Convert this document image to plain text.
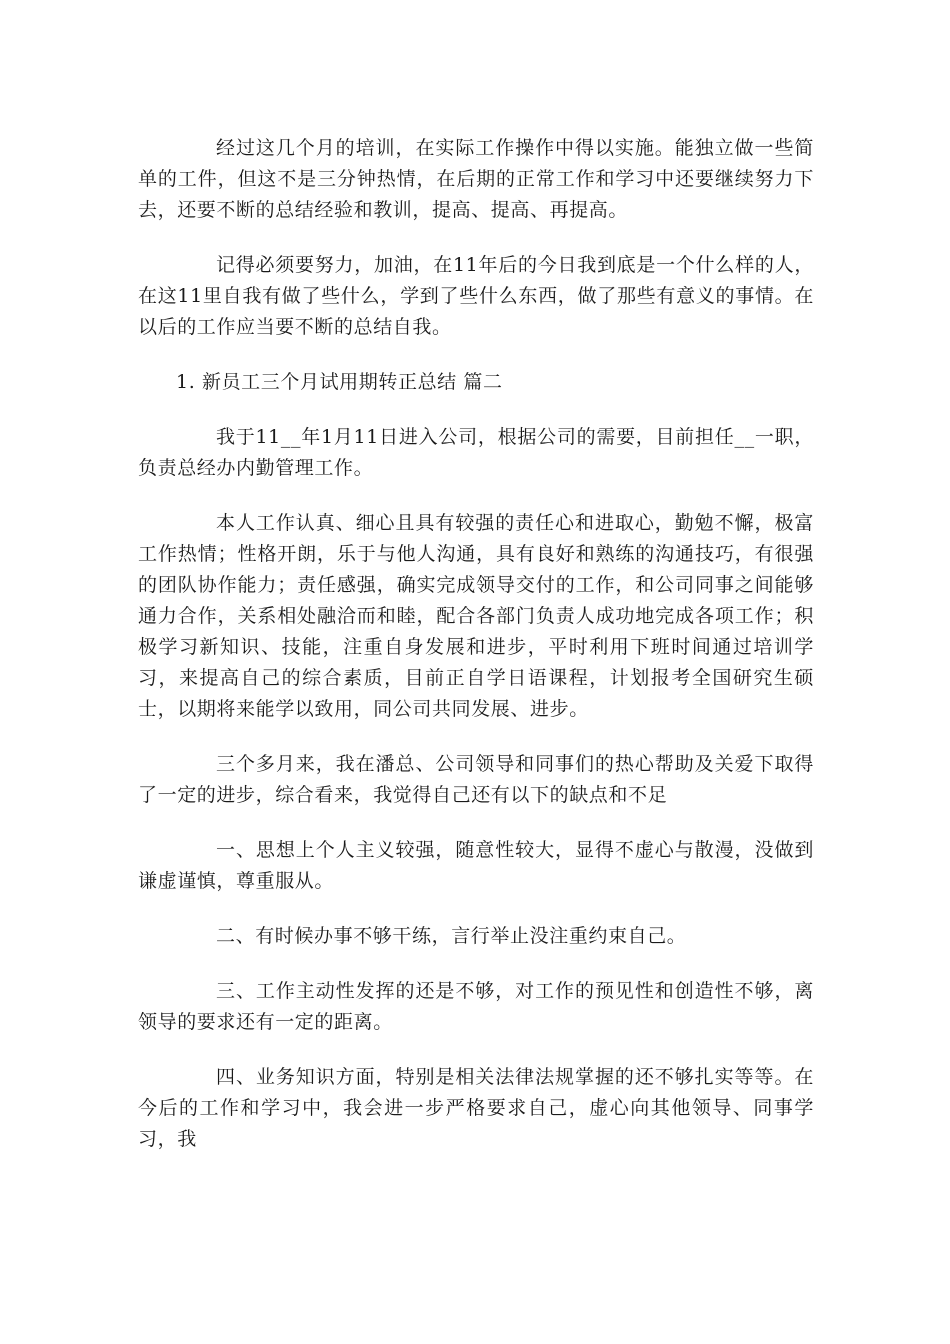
经过这几个月的培训，在实际工作操作中得以实施。能独立做一些简单的工件，但这不是三分钟热情，在后期的正常工作和学习中还要继续努力下去，还要不断的总结经验和教训，提高、提高、再提高。

记得必须要努力，加油，在11年后的今日我到底是一个什么样的人，在这11里自我有做了些什么，学到了些什么东西，做了那些有意义的事情。在以后的工作应当要不断的总结自我。

1. 新员工三个月试用期转正总结 篇二

我于11__年1月11日进入公司，根据公司的需要，目前担任__一职，负责总经办内勤管理工作。

本人工作认真、细心且具有较强的责任心和进取心，勤勉不懈，极富工作热情；性格开朗，乐于与他人沟通，具有良好和熟练的沟通技巧，有很强的团队协作能力；责任感强，确实完成领导交付的工作，和公司同事之间能够通力合作，关系相处融洽而和睦，配合各部门负责人成功地完成各项工作；积极学习新知识、技能，注重自身发展和进步，平时利用下班时间通过培训学习，来提高自己的综合素质，目前正自学日语课程，计划报考全国研究生硕士，以期将来能学以致用，同公司共同发展、进步。

三个多月来，我在潘总、公司领导和同事们的热心帮助及关爱下取得了一定的进步，综合看来，我觉得自己还有以下的缺点和不足

一、思想上个人主义较强，随意性较大，显得不虚心与散漫，没做到谦虚谨慎，尊重服从。

二、有时候办事不够干练，言行举止没注重约束自己。

三、工作主动性发挥的还是不够，对工作的预见性和创造性不够，离领导的要求还有一定的距离。

四、业务知识方面，特别是相关法律法规掌握的还不够扎实等等。在今后的工作和学习中，我会进一步严格要求自己，虚心向其他领导、同事学习，我
